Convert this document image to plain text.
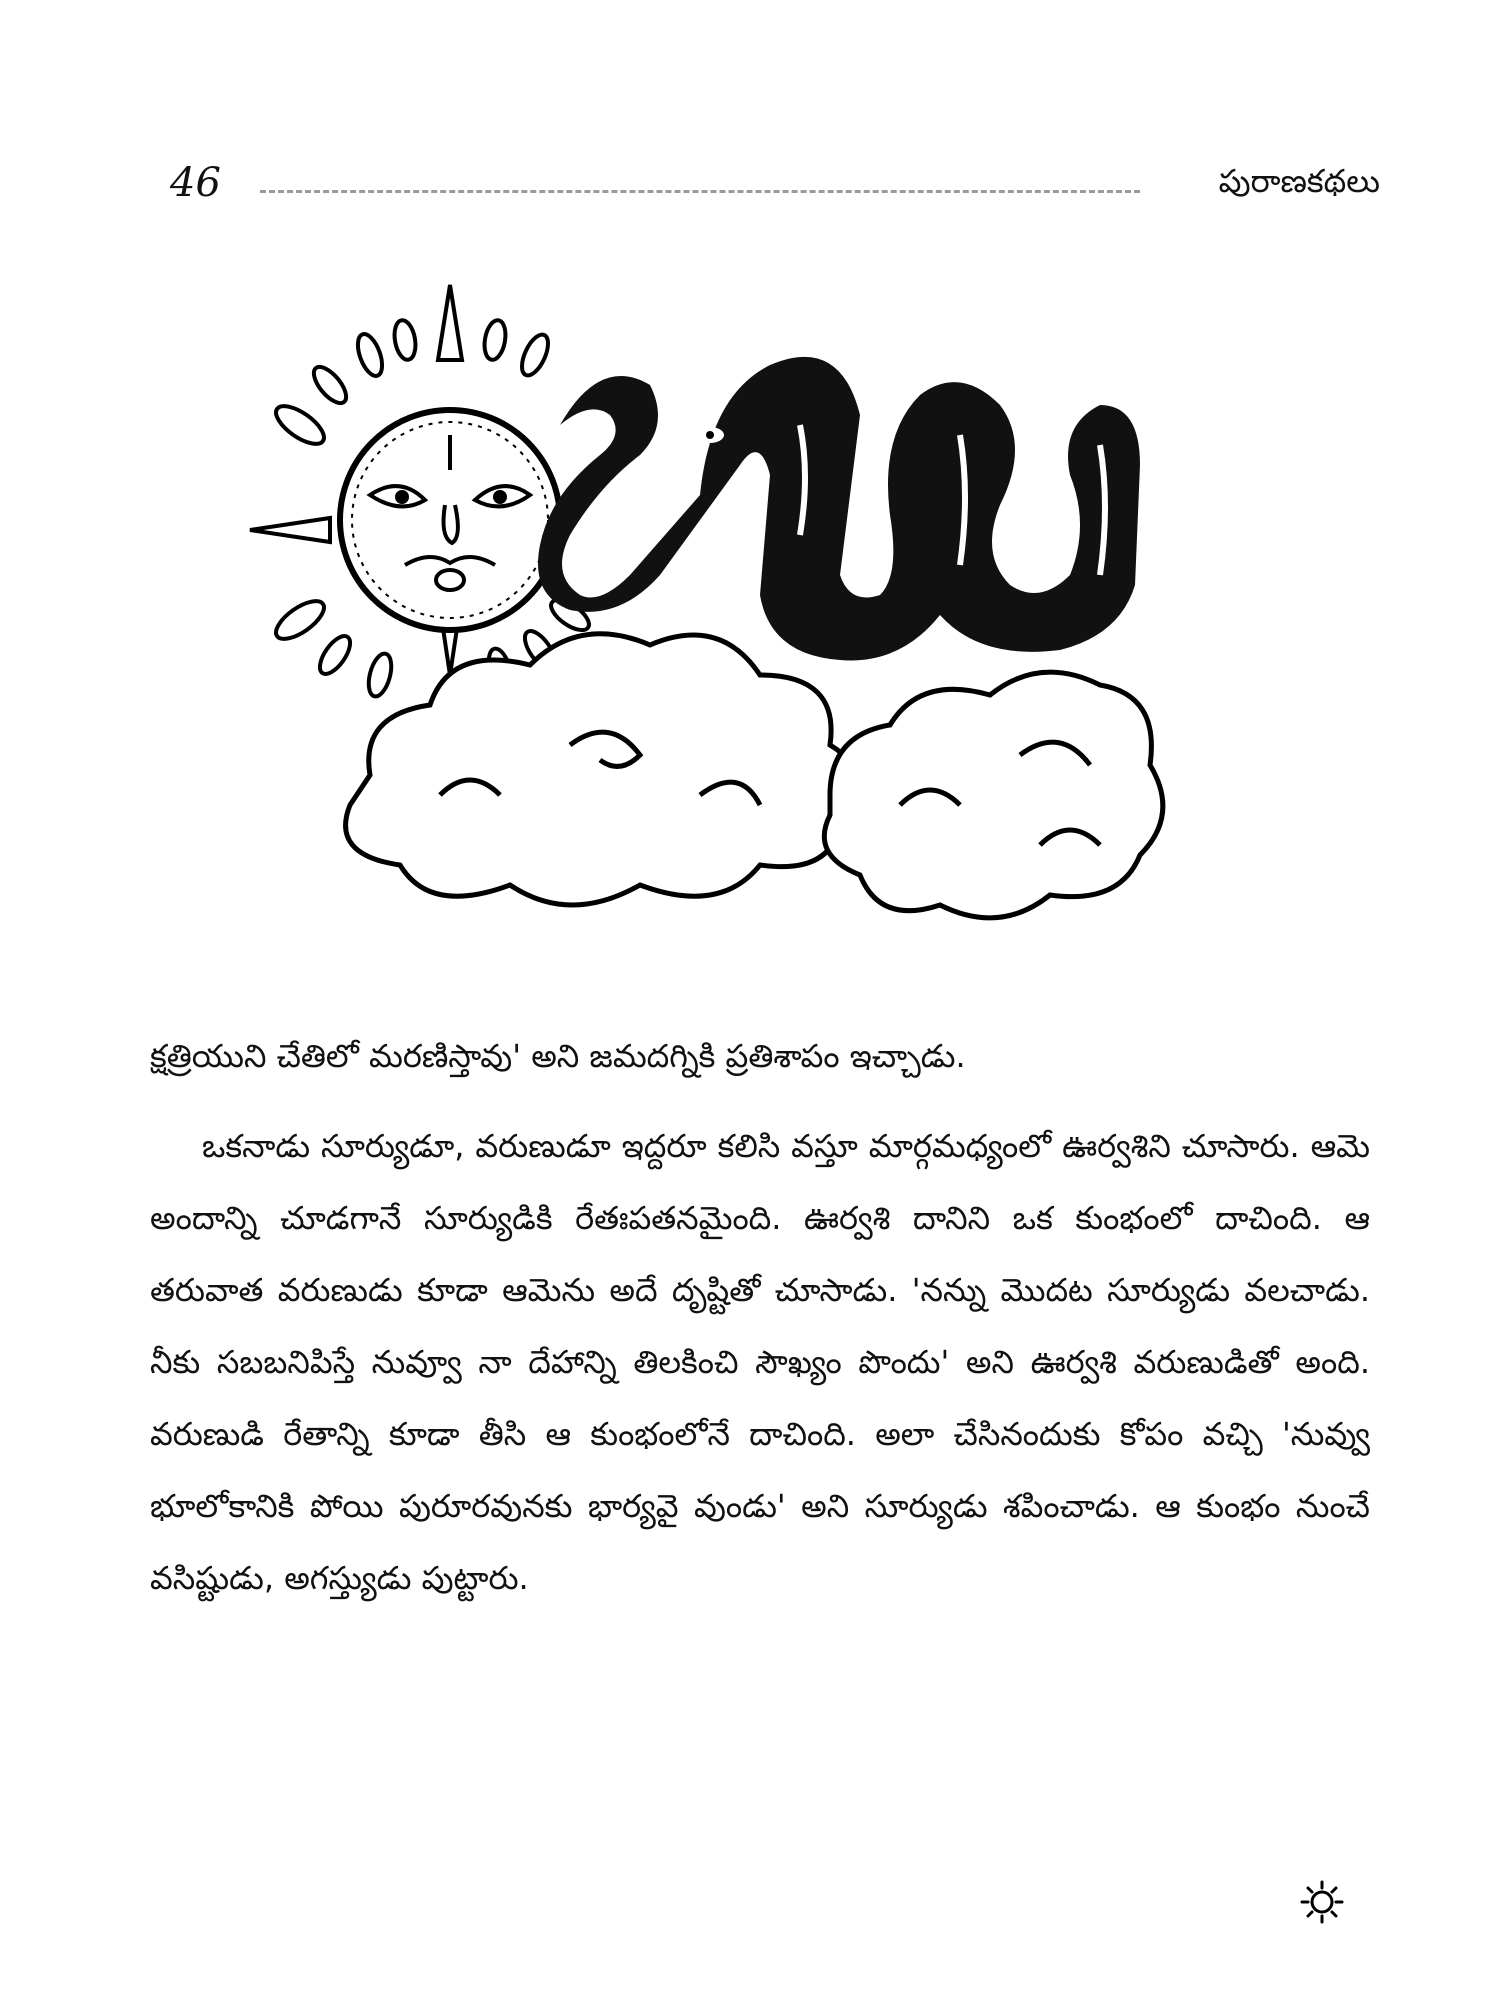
46	పురాణకథలు
క్షత్రియుని చేతిలో మరణిస్తావు' అని జమదగ్నికి ప్రతిశాపం ఇచ్చాడు.
ఒకనాడు సూర్యుడూ, వరుణుడూ ఇద్దరూ కలిసి వస్తూ మార్గమధ్యంలో ఊర్వశిని చూసారు. ఆమె అందాన్ని చూడగానే సూర్యుడికి రేతఃపతనమైంది. ఊర్వశి దానిని ఒక కుంభంలో దాచింది. ఆ తరువాత వరుణుడు కూడా ఆమెను అదే దృష్టితో చూసాడు. 'నన్ను మొదట సూర్యుడు వలచాడు. నీకు సబబనిపిస్తే నువ్వూ నా దేహాన్ని తిలకించి సౌఖ్యం పొందు' అని ఊర్వశి వరుణుడితో అంది. వరుణుడి రేతాన్ని కూడా తీసి ఆ కుంభంలోనే దాచింది. అలా చేసినందుకు కోపం వచ్చి 'నువ్వు భూలోకానికి పోయి పురూరవునకు భార్యవై వుండు' అని సూర్యుడు శపించాడు. ఆ కుంభం నుంచే వసిష్టుడు, అగస్త్యుడు పుట్టారు.
